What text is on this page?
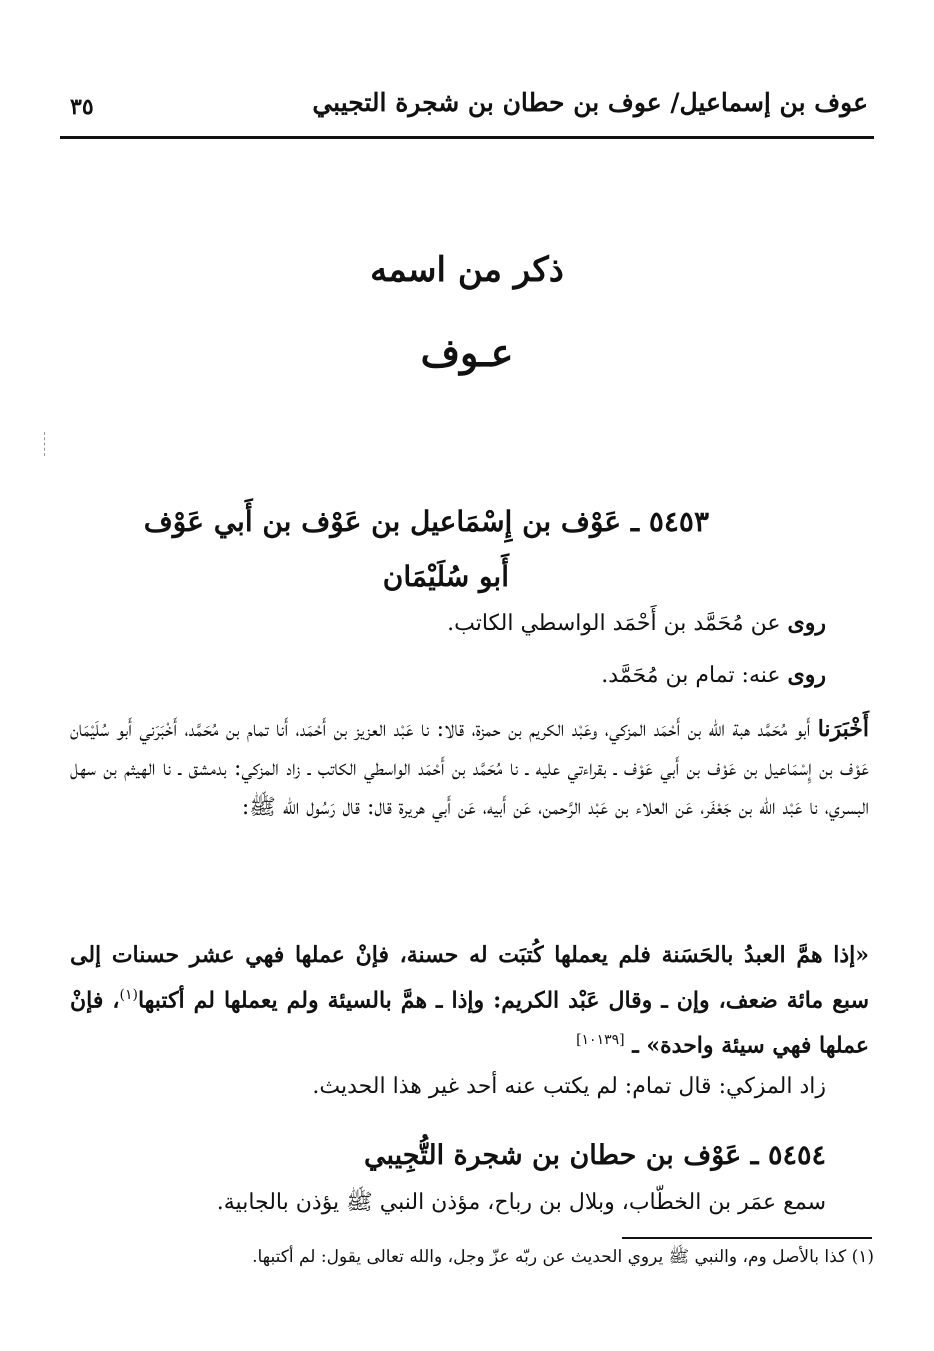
عوف بن إسماعيل/ عوف بن حطان بن شجرة التجيبي
٣٥
ذكر من اسمه
عـوف
٥٤٥٣ ـ عَوْف بن إِسْمَاعيل بن عَوْف بن أَبي عَوْف
أَبو سُلَيْمَان
روى عن مُحَمَّد بن أَحْمَد الواسطي الكاتب.
روى عنه: تمام بن مُحَمَّد.
أَخْبَرَنا أَبو مُحَمَّد هبة الله بن أَحْمَد المزكي، وعَبْد الكريم بن حمزة، قالا: نا عَبْد العزيز بن أَحْمَد، أَنا تمام بن مُحَمَّد، أَخْبَرَني أَبو سُلَيْمَان عَوْف بن إِسْمَاعيل بن عَوْف بن أَبي عَوْف ـ بقراءتي عليه ـ نا مُحَمَّد بن أَحْمَد الواسطي الكاتب ـ زاد المزكي: بدمشق ـ نا الهيثم بن سهل البسري، نا عَبْد الله بن جَعْفَر، عَن العلاء بن عَبْد الرَّحمن، عَن أَبيه، عَن أَبي هريرة قال: قال رَسُول الله ﷺ:
«إذا همَّ العبدُ بالحَسَنة فلم يعملها كُتبَت له حسنة، فإنْ عملها فهي عشر حسنات إلى سبع مائة ضعف، وإن ـ وقال عَبْد الكريم: وإذا ـ همَّ بالسيئة ولم يعملها لم أكتبها$^{(١)}$، فإنْ عملها فهي سيئة واحدة» ـ [١٠١٣٩]
زاد المزكي: قال تمام: لم يكتب عنه أحد غير هذا الحديث.
٥٤٥٤ ـ عَوْف بن حطان بن شجرة التُّجِيبي
سمع عمَر بن الخطّاب، وبلال بن رباح، مؤذن النبي ﷺ يؤذن بالجابية.
(١) كذا بالأصل وم، والنبي ﷺ يروي الحديث عن ربّه عزّ وجل، والله تعالى يقول: لم أكتبها.
